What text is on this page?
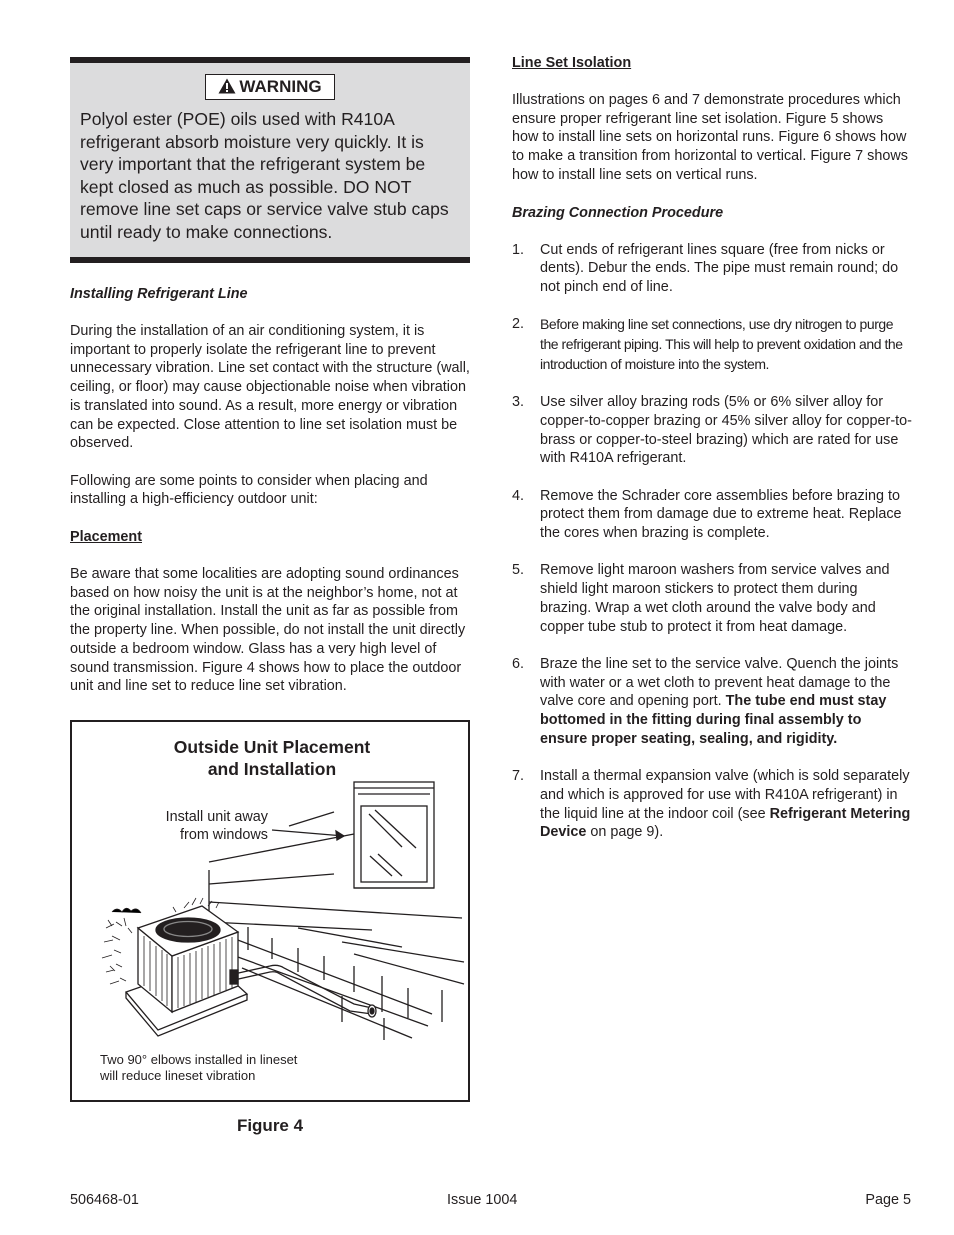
WARNING

Polyol ester (POE) oils used with R410A refrigerant absorb moisture very quickly. It is very important that the refrigerant system be kept closed as much as possible. DO NOT remove line set caps or service valve stub caps until ready to make connections.

Installing Refrigerant Line

During the installation of an air conditioning system, it is important to properly isolate the refrigerant line to prevent unnecessary vibration. Line set contact with the structure (wall, ceiling, or floor) may cause objectionable noise when vibration is translated into sound. As a result, more energy or vibration can be expected. Close attention to line set isolation must be observed.

Following are some points to consider when placing and installing a high-efficiency outdoor unit:

Placement

Be aware that some localities are adopting sound ordinances based on how noisy the unit is at the neighbor’s home, not at the original installation. Install the unit as far as possible from the property line. When possible, do not install the unit directly outside a bedroom window. Glass has a very high level of sound transmission. Figure 4 shows how to place the outdoor unit and line set to reduce line set vibration.

Outside Unit Placement
and Installation
Install unit away
from windows
Two 90° elbows installed in lineset
will reduce lineset vibration
Figure 4

Line Set Isolation

Illustrations on pages 6 and 7 demonstrate procedures which ensure proper refrigerant line set isolation. Figure 5 shows how to install line sets on horizontal runs. Figure 6 shows how to make a transition from horizontal to vertical. Figure 7 shows how to install line sets on vertical runs.

Brazing Connection Procedure

1. Cut ends of refrigerant lines square (free from nicks or dents). Debur the ends. The pipe must remain round; do not pinch end of line.
2. Before making line set connections, use dry nitrogen to purge the refrigerant piping. This will help to prevent oxidation and the introduction of moisture into the system.
3. Use silver alloy brazing rods (5% or 6% silver alloy for copper-to-copper brazing or 45% silver alloy for copper-to-brass or copper-to-steel brazing) which are rated for use with R410A refrigerant.
4. Remove the Schrader core assemblies before brazing to protect them from damage due to extreme heat. Replace the cores when brazing is complete.
5. Remove light maroon washers from service valves and shield light maroon stickers to protect them during brazing. Wrap a wet cloth around the valve body and copper tube stub to protect it from heat damage.
6. Braze the line set to the service valve. Quench the joints with water or a wet cloth to prevent heat damage to the valve core and opening port. The tube end must stay bottomed in the fitting during final assembly to ensure proper seating, sealing, and rigidity.
7. Install a thermal expansion valve (which is sold separately and which is approved for use with R410A refrigerant) in the liquid line at the indoor coil (see Refrigerant Metering Device on page 9).
506468-01	Issue 1004	Page 5
